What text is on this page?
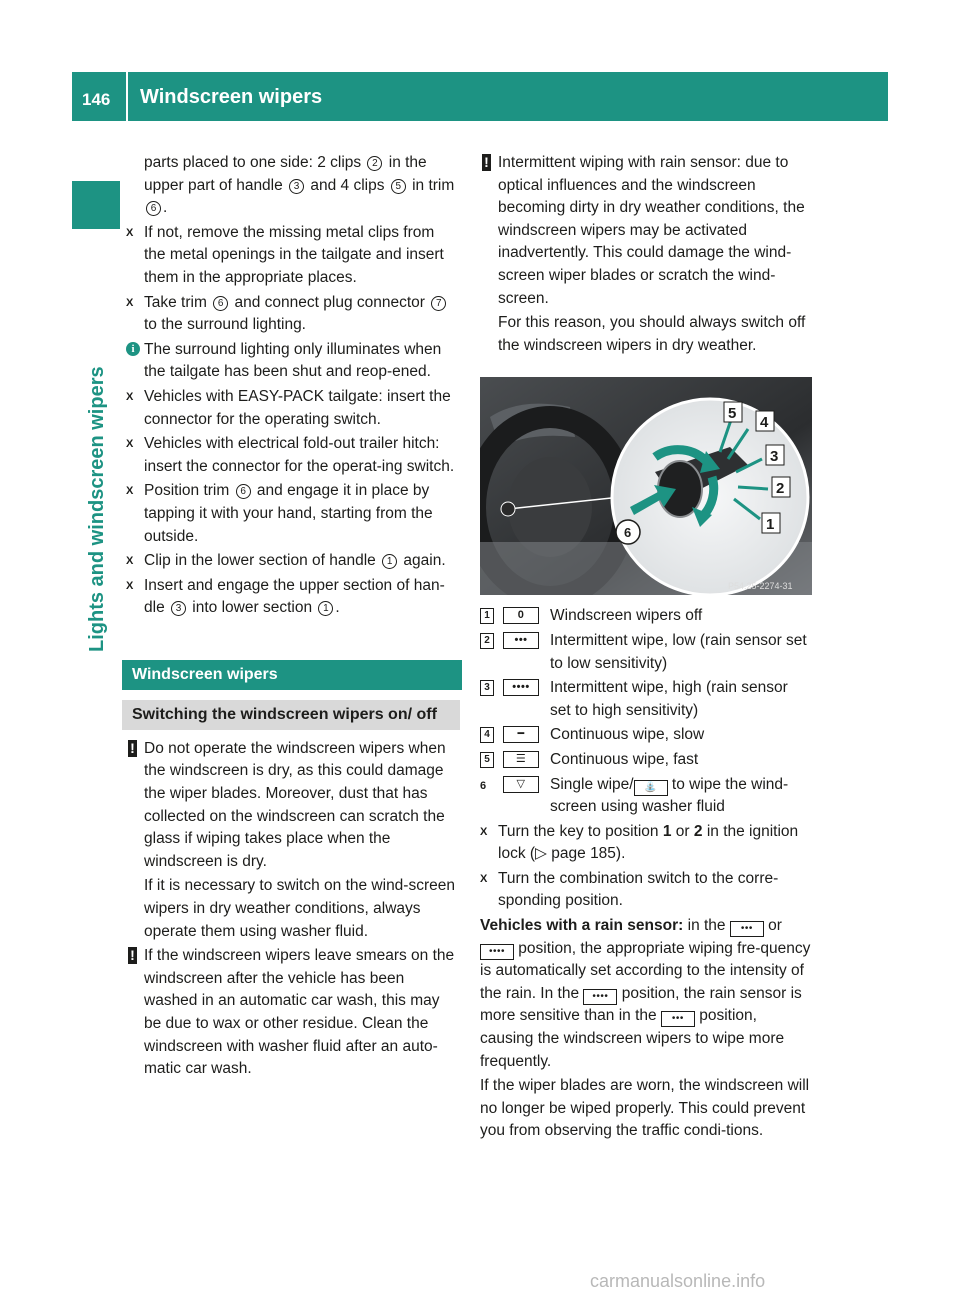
146 Windscreen wipers
Lights and windscreen wipers

parts placed to one side: 2 clips 2 in the upper part of handle 3 and 4 clips 5 in trim 6 .

X If not, remove the missing metal clips from the metal openings in the tailgate and insert them in the appropriate places.

X Take trim 6 and connect plug connector 7 to the surround lighting.

i The surround lighting only illuminates when the tailgate has been shut and reop-ened.

X Vehicles with EASY-PACK tailgate: insert the connector for the operating switch.

X Vehicles with electrical fold-out trailer hitch: insert the connector for the operat-ing switch.

X Position trim 6 and engage it in place by tapping it with your hand, starting from the outside.

X Clip in the lower section of handle 1 again.

X Insert and engage the upper section of han-dle 3 into lower section 1 .

Windscreen wipers
Switching the windscreen wipers on/ off

! Do not operate the windscreen wipers when the windscreen is dry, as this could damage the wiper blades. Moreover, dust that has collected on the windscreen can scratch the glass if wiping takes place when the windscreen is dry.

If it is necessary to switch on the wind-screen wipers in dry weather conditions, always operate them using washer fluid.

! If the windscreen wipers leave smears on the windscreen after the vehicle has been washed in an automatic car wash, this may be due to wax or other residue. Clean the windscreen with washer fluid after an auto-matic car wash.

! Intermittent wiping with rain sensor: due to optical influences and the windscreen becoming dirty in dry weather conditions, the windscreen wipers may be activated inadvertently. This could damage the wind-screen wiper blades or scratch the wind-screen.

For this reason, you should always switch off the windscreen wipers in dry weather.

5
4
3
2
1
6
P54.25-2274-31
1	0	Windscreen wipers off
2	•••	Intermittent wipe, low (rain sensor set to low sensitivity)
3	••••	Intermittent wipe, high (rain sensor set to high sensitivity)
4	━	Continuous wipe, slow
5	☰	Continuous wipe, fast
6	▽	Single wipe/ ⛲ to wipe the wind-screen using washer fluid

X Turn the key to position 1 or 2 in the ignition lock (▷ page 185).

X Turn the combination switch to the corre-sponding position.

Vehicles with a rain sensor: in the ••• or •••• position, the appropriate wiping fre-quency is automatically set according to the intensity of the rain. In the •••• position, the rain sensor is more sensitive than in the ••• position, causing the windscreen wipers to wipe more frequently.

If the wiper blades are worn, the windscreen will no longer be wiped properly. This could prevent you from observing the traffic condi-tions.

carmanualsonline.info
